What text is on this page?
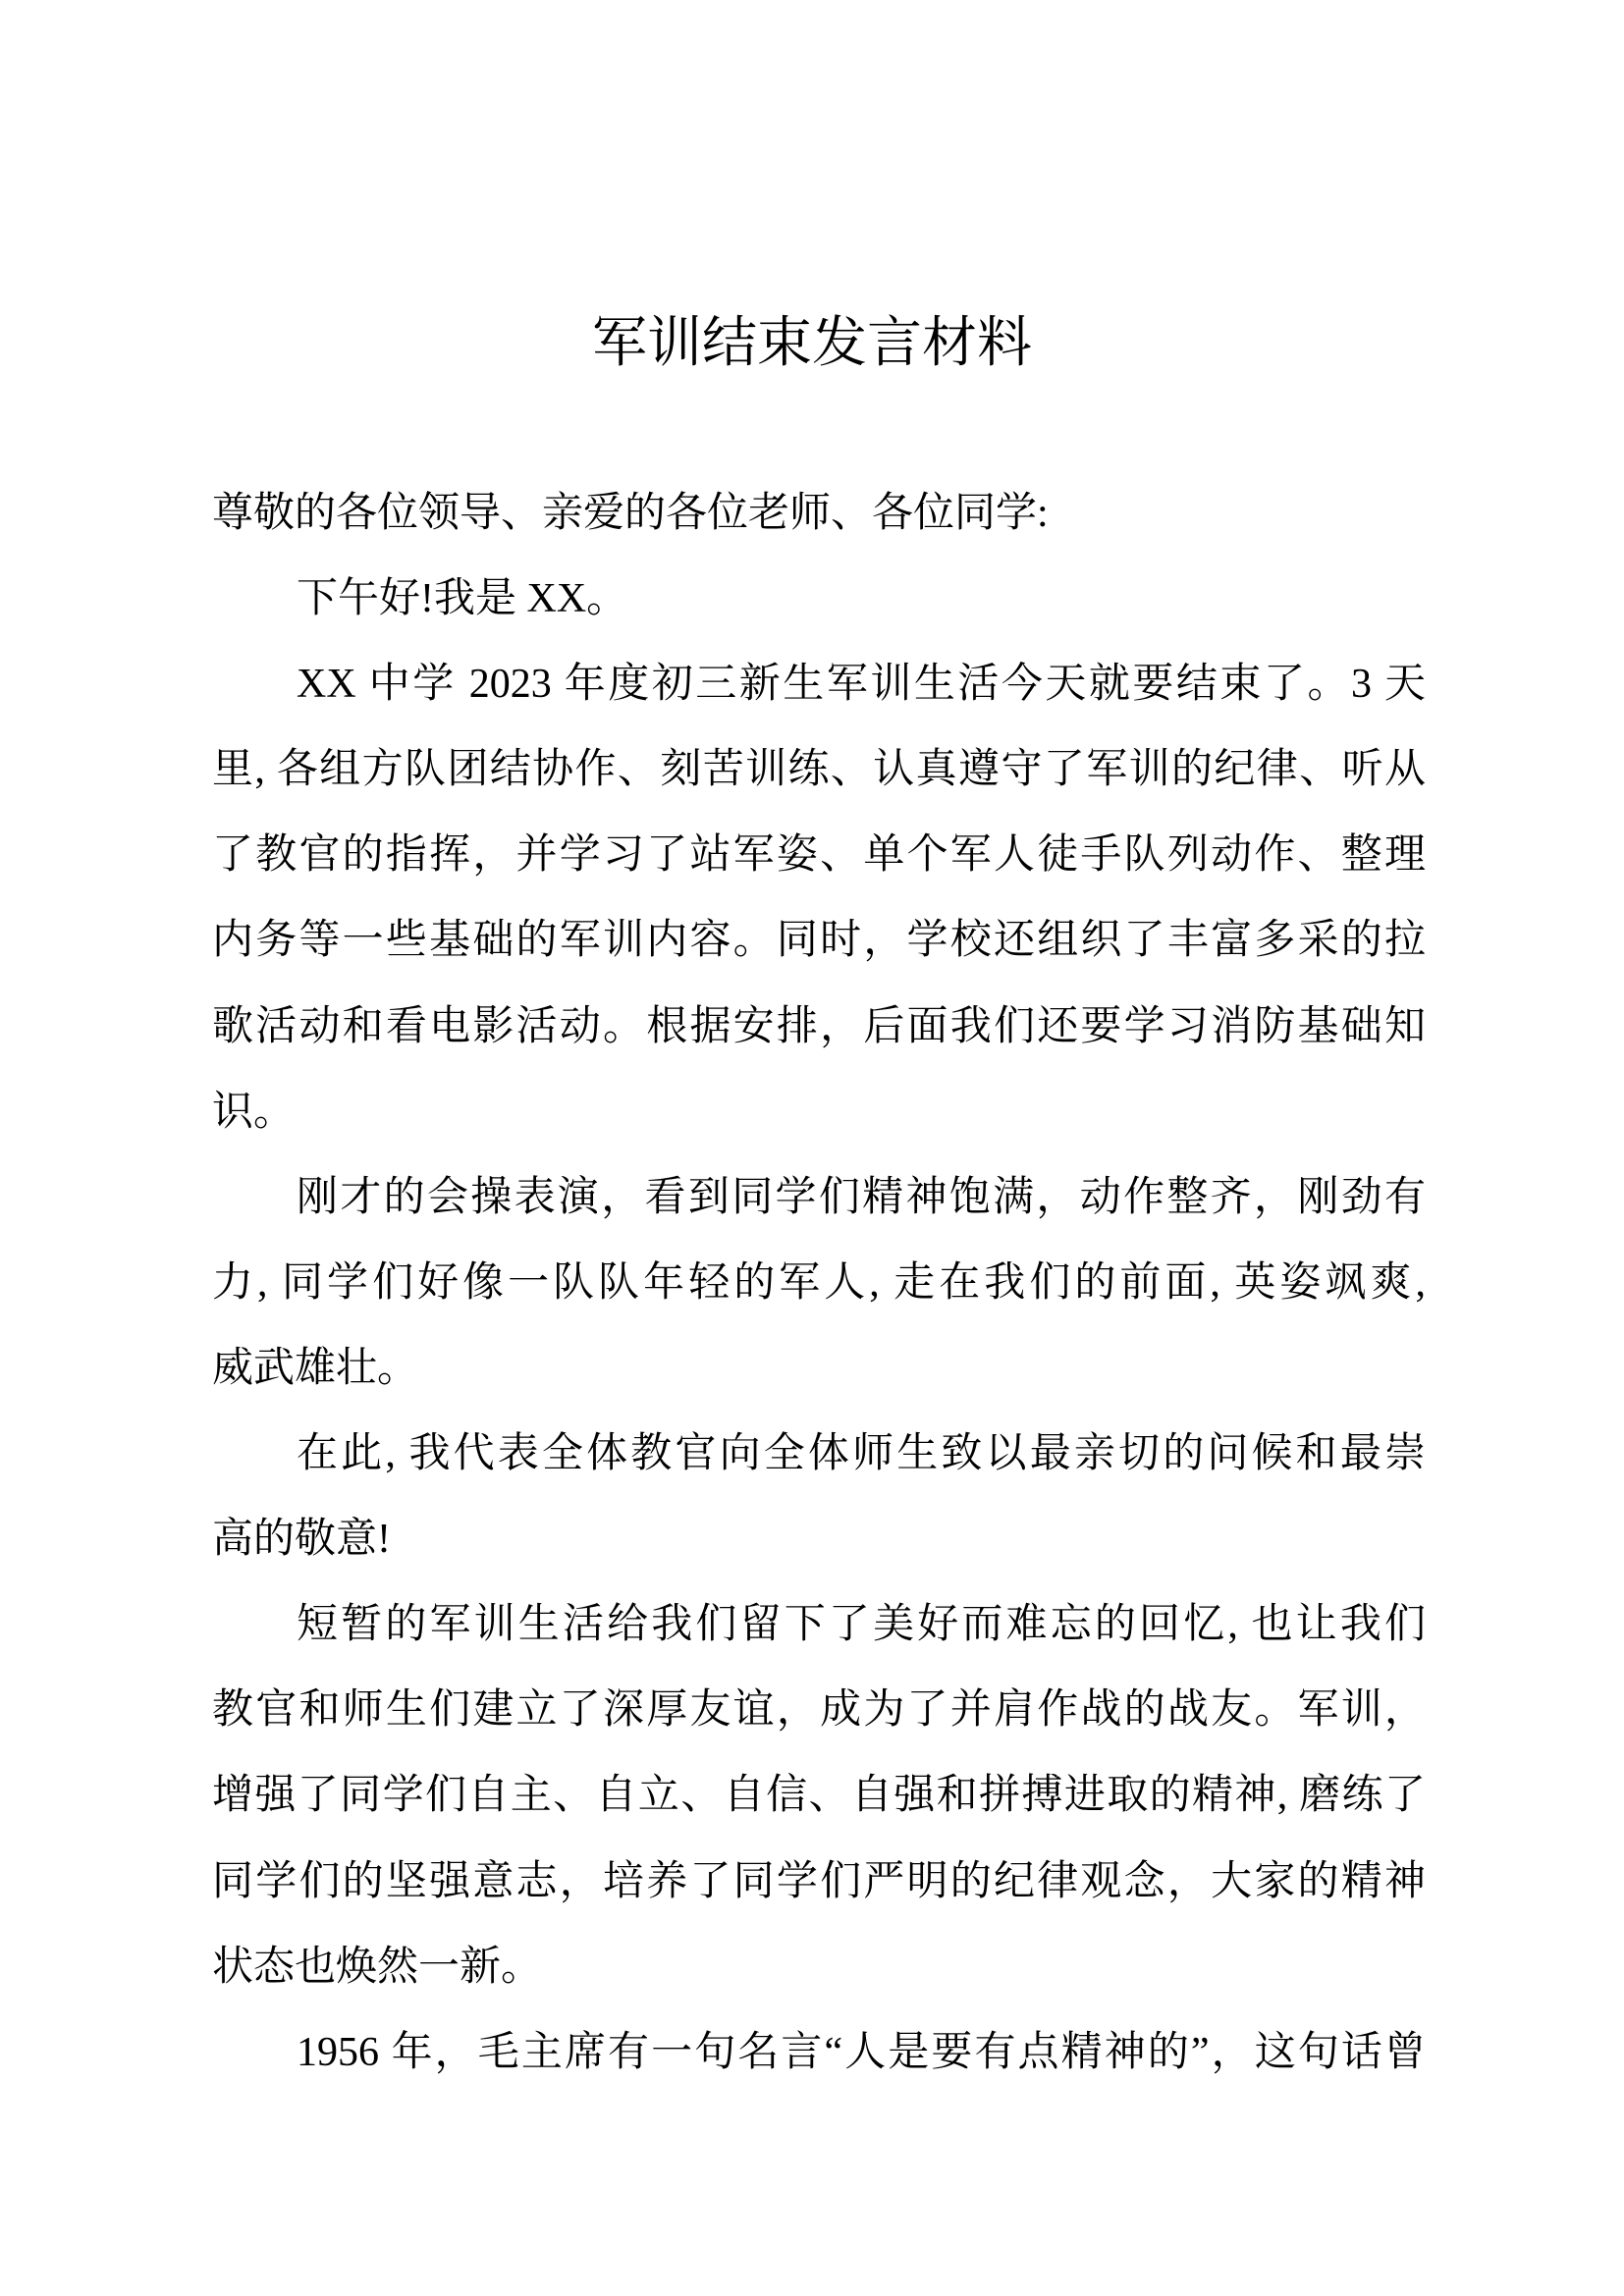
军训结束发言材料
尊敬的各位领导、亲爱的各位老师、各位同学:
下午好!我是 XX。
XX 中学 2023 年度初三新生军训生活今天就要结束了。3 天
里, 各组方队团结协作、刻苦训练、认真遵守了军训的纪律、听从
了教官的指挥，并学习了站军姿、单个军人徒手队列动作、整理
内务等一些基础的军训内容。同时，学校还组织了丰富多采的拉
歌活动和看电影活动。根据安排，后面我们还要学习消防基础知
识。
刚才的会操表演，看到同学们精神饱满，动作整齐，刚劲有
力, 同学们好像一队队年轻的军人, 走在我们的前面, 英姿飒爽,
威武雄壮。
在此, 我代表全体教官向全体师生致以最亲切的问候和最崇
高的敬意!
短暂的军训生活给我们留下了美好而难忘的回忆, 也让我们
教官和师生们建立了深厚友谊，成为了并肩作战的战友。军训，
增强了同学们自主、自立、自信、自强和拼搏进取的精神, 磨练了
同学们的坚强意志，培养了同学们严明的纪律观念，大家的精神
状态也焕然一新。
1956 年，毛主席有一句名言“人是要有点精神的”，这句话曾
